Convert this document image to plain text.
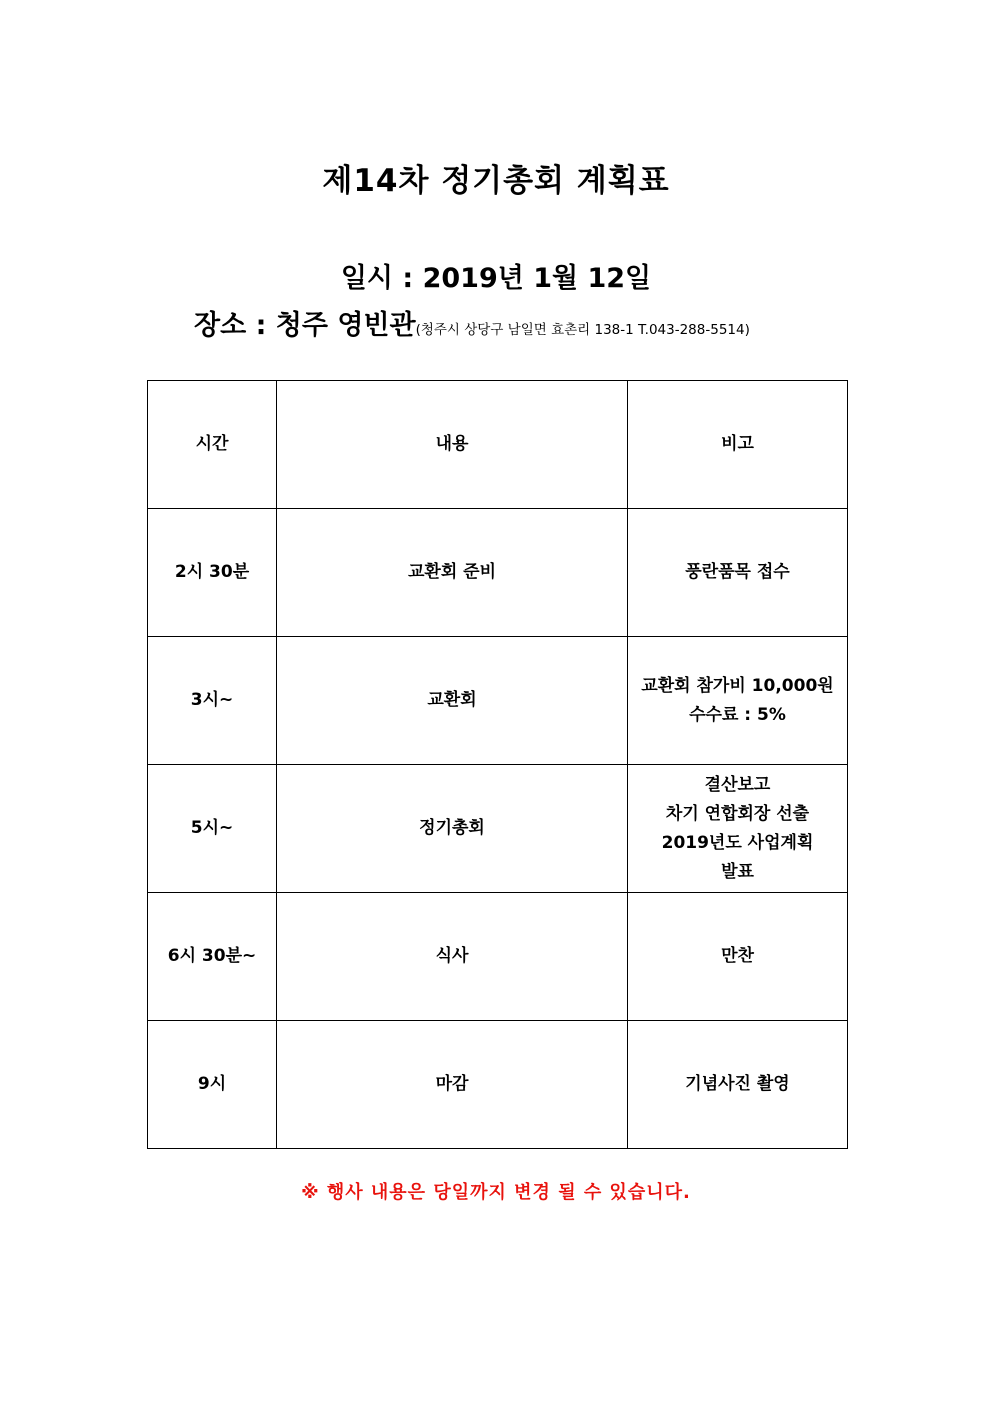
제14차 정기총회 계획표
일시 : 2019년 1월 12일
장소 : 청주 영빈관(청주시 상당구 남일면 효촌리 138-1 T.043-288-5514)
시간	내용	비고
2시 30분	교환회 준비	풍란품목 접수

3시~	교환회	교환회 참가비 10,000원
수수료 : 5%

5시~	정기총회	결산보고
차기 연합회장 선출
2019년도 사업계획
발표

6시 30분~	식사	만찬

9시	마감	기념사진 촬영
※ 행사 내용은 당일까지 변경 될 수 있습니다.
